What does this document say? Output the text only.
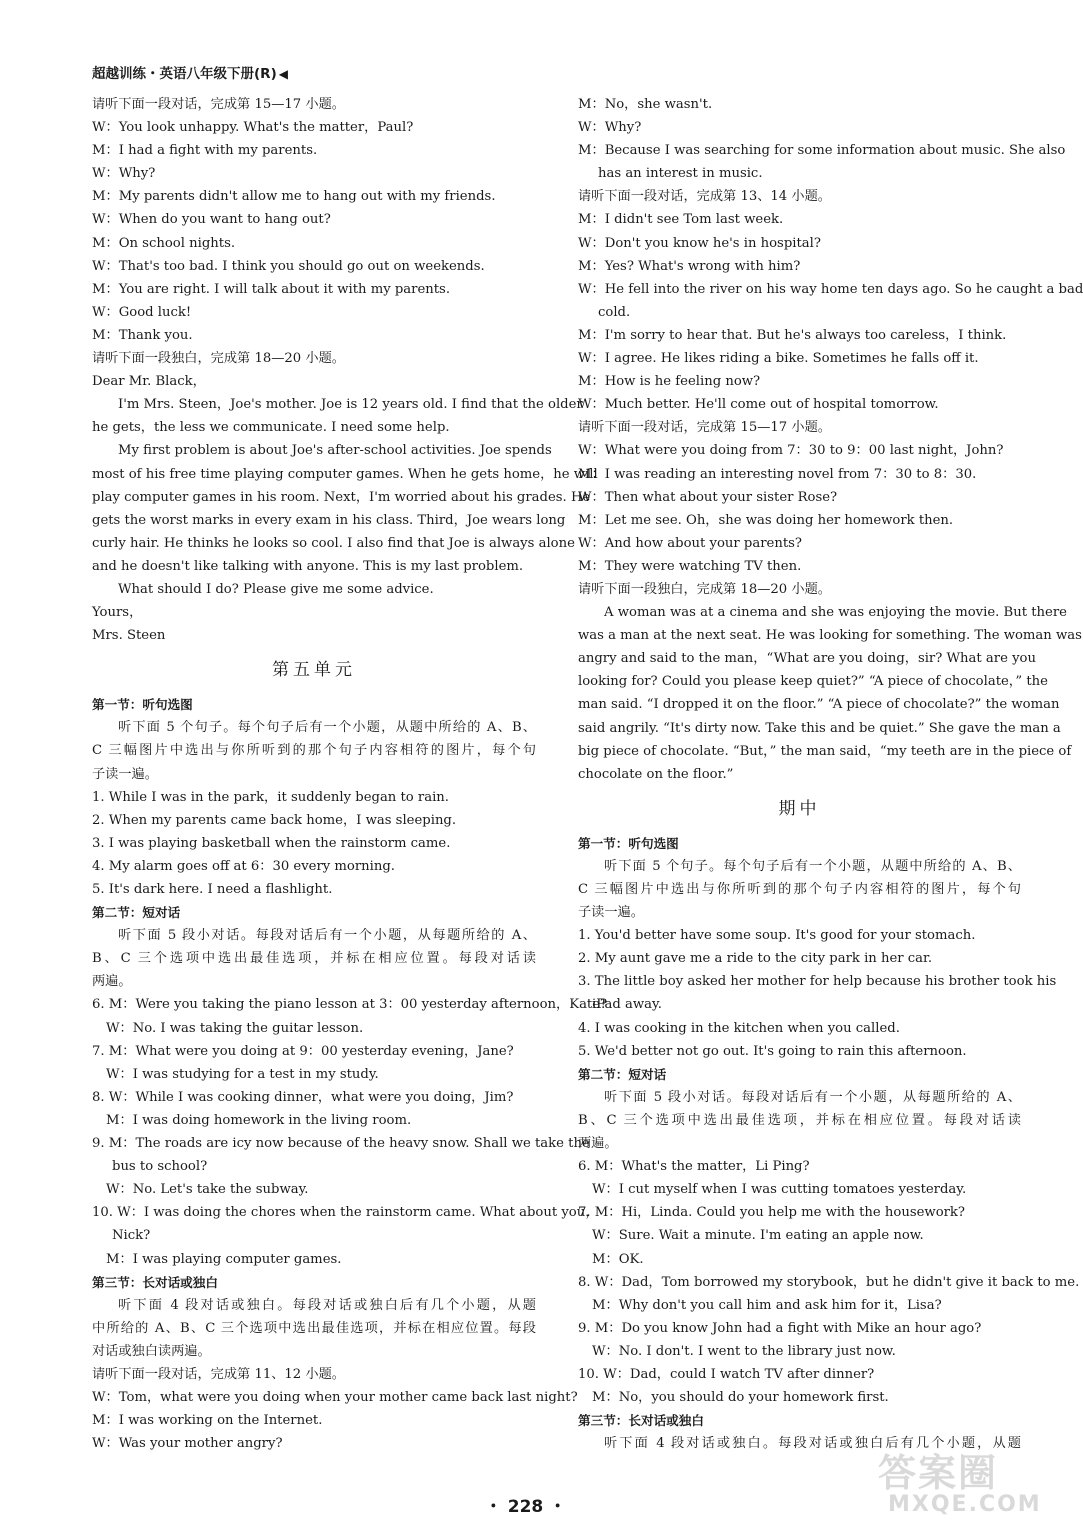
超越训练・英语八年级下册(R) ◀
请听下面一段对话，完成第 15—17 小题。
W：You look unhappy. What's the matter，Paul?
M：I had a fight with my parents.
W：Why?
M：My parents didn't allow me to hang out with my friends.
W：When do you want to hang out?
M：On school nights.
W：That's too bad. I think you should go out on weekends.
M：You are right. I will talk about it with my parents.
W：Good luck!
M：Thank you.
请听下面一段独白，完成第 18—20 小题。
Dear Mr. Black，
I'm Mrs. Steen，Joe's mother. Joe is 12 years old. I find that the older
he gets，the less we communicate. I need some help.
My first problem is about Joe's after-school activities. Joe spends
most of his free time playing computer games. When he gets home，he will
play computer games in his room. Next，I'm worried about his grades. He
gets the worst marks in every exam in his class. Third，Joe wears long
curly hair. He thinks he looks so cool. I also find that Joe is always alone
and he doesn't like talking with anyone. This is my last problem.
What should I do? Please give me some advice.
Yours，
Mrs. Steen
第五单元
第一节：听句选图
听下面 5 个句子。每个句子后有一个小题，从题中所给的 A、B、
C 三幅图片中选出与你所听到的那个句子内容相符的图片，每个句
子读一遍。
1. While I was in the park，it suddenly began to rain.
2. When my parents came back home，I was sleeping.
3. I was playing basketball when the rainstorm came.
4. My alarm goes off at 6：30 every morning.
5. It's dark here. I need a flashlight.
第二节：短对话
听下面 5 段小对话。每段对话后有一个小题，从每题所给的 A、
B、C 三个选项中选出最佳选项，并标在相应位置。每段对话读
两遍。
6. M：Were you taking the piano lesson at 3：00 yesterday afternoon，Kate?
W：No. I was taking the guitar lesson.
7. M：What were you doing at 9：00 yesterday evening，Jane?
W：I was studying for a test in my study.
8. W：While I was cooking dinner，what were you doing，Jim?
M：I was doing homework in the living room.
9. M：The roads are icy now because of the heavy snow. Shall we take the
bus to school?
W：No. Let's take the subway.
10. W：I was doing the chores when the rainstorm came. What about you，
Nick?
M：I was playing computer games.
第三节：长对话或独白
听下面 4 段对话或独白。每段对话或独白后有几个小题，从题
中所给的 A、B、C 三个选项中选出最佳选项，并标在相应位置。每段
对话或独白读两遍。
请听下面一段对话，完成第 11、12 小题。
W：Tom，what were you doing when your mother came back last night?
M：I was working on the Internet.
W：Was your mother angry?
M：No，she wasn't.
W：Why?
M：Because I was searching for some information about music. She also
has an interest in music.
请听下面一段对话，完成第 13、14 小题。
M：I didn't see Tom last week.
W：Don't you know he's in hospital?
M：Yes? What's wrong with him?
W：He fell into the river on his way home ten days ago. So he caught a bad
cold.
M：I'm sorry to hear that. But he's always too careless，I think.
W：I agree. He likes riding a bike. Sometimes he falls off it.
M：How is he feeling now?
W：Much better. He'll come out of hospital tomorrow.
请听下面一段对话，完成第 15—17 小题。
W：What were you doing from 7：30 to 9：00 last night，John?
M：I was reading an interesting novel from 7：30 to 8：30.
W：Then what about your sister Rose?
M：Let me see. Oh，she was doing her homework then.
W：And how about your parents?
M：They were watching TV then.
请听下面一段独白，完成第 18—20 小题。
A woman was at a cinema and she was enjoying the movie. But there
was a man at the next seat. He was looking for something. The woman was
angry and said to the man，“What are you doing，sir? What are you
looking for? Could you please keep quiet?” “A piece of chocolate，” the
man said. “I dropped it on the floor.” “A piece of chocolate?” the woman
said angrily. “It's dirty now. Take this and be quiet.” She gave the man a
big piece of chocolate. “But，” the man said，“my teeth are in the piece of
chocolate on the floor.”
期中
第一节：听句选图
听下面 5 个句子。每个句子后有一个小题，从题中所给的 A、B、
C 三幅图片中选出与你所听到的那个句子内容相符的图片，每个句
子读一遍。
1. You'd better have some soup. It's good for your stomach.
2. My aunt gave me a ride to the city park in her car.
3. The little boy asked her mother for help because his brother took his
iPad away.
4. I was cooking in the kitchen when you called.
5. We'd better not go out. It's going to rain this afternoon.
第二节：短对话
听下面 5 段小对话。每段对话后有一个小题，从每题所给的 A、
B、C 三个选项中选出最佳选项，并标在相应位置。每段对话读
两遍。
6. M：What's the matter，Li Ping?
W：I cut myself when I was cutting tomatoes yesterday.
7. M：Hi，Linda. Could you help me with the housework?
W：Sure. Wait a minute. I'm eating an apple now.
M：OK.
8. W：Dad，Tom borrowed my storybook，but he didn't give it back to me.
M：Why don't you call him and ask him for it，Lisa?
9. M：Do you know John had a fight with Mike an hour ago?
W：No. I don't. I went to the library just now.
10. W：Dad，could I watch TV after dinner?
M：No，you should do your homework first.
第三节：长对话或独白
听下面 4 段对话或独白。每段对话或独白后有几个小题，从题
・ 228 ・
答案圈
MXQE.COM
